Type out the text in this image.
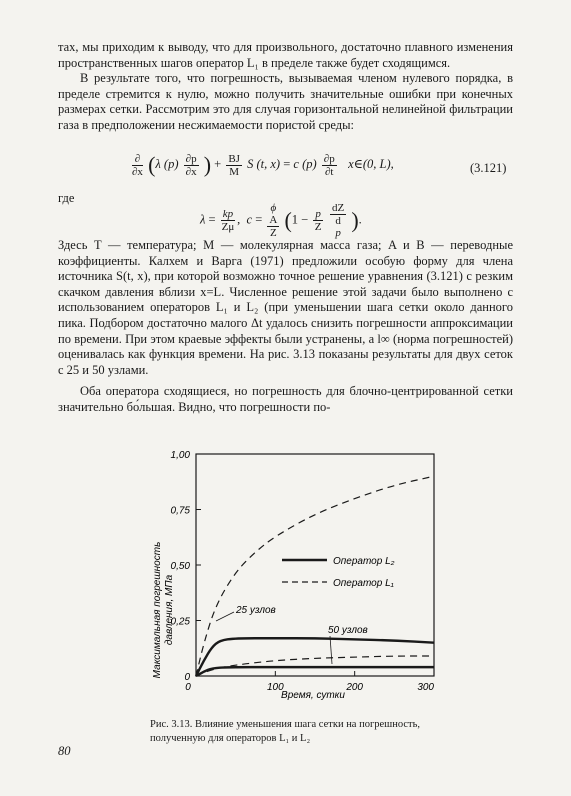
тах, мы приходим к выводу, что для произвольного, достаточно плавного изменения пространственных шагов оператор L₁ в пределе также будет сходящимся.
В результате того, что погрешность, вызываемая членом нулевого порядка, в пределе стремится к нулю, можно получить значительные ошибки при конечных размерах сетки. Рассмотрим это для случая горизонтальной нелинейной фильтрации газа в предположении несжимаемости пористой среды:
$\frac{\partial}{\partial x} (\lambda$ $(p) \frac{\partial p}{\partial x}$ ) + $\frac{BJ}{M}$ S (t, x) = c $(p) \frac{\partial p}{\partial t}$ x∈(0, L),	(3.121)
где
$\lambda = \frac{kp}{Z\mu}$ ,  c = ϕ
A
Z ($1 - \frac{p}{Z}$
dZ
d
p ).
Здесь T — температура; M — молекулярная масса газа; A и B — переводные коэффициенты. Калхем и Варга (1971) предложили особую форму для члена источника S(t, x), при которой возможно точное решение уравнения (3.121) с резким скачком давления вблизи x=L. Численное решение этой задачи было выполнено с использованием операторов L₁ и L₂ (при уменьшении шага сетки около данного пика. Подбором достаточно малого Δt удалось снизить погрешности аппроксимации по времени. При этом краевые эффекты были устранены, а l∞ (норма погрешностей) оценивалась как функция времени. На рис. 3.13 показаны результаты для двух сеток с 25 и 50 узлами.
Оба оператора сходящиеся, но погрешность для блочно-центрированной сетки значительно бо́льшая. Видно, что погрешности по-
0
0,25
0,50
0,75
1,00
0	100	200	300
Максимальная погрешность давления, МПа
Время, сутки
Оператор L₂
Оператор L₁
25 узлов
50 узлов
Рис. 3.13. Влияние уменьшения шага сетки на погрешность, полученную для операторов L₁ и L₂
80
